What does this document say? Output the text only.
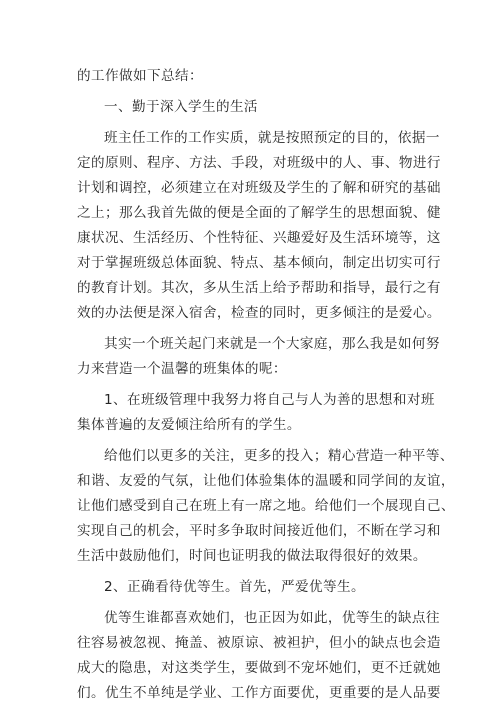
的工作做如下总结：
一、勤于深入学生的生活
班主任工作的工作实质，就是按照预定的目的，依据一
定的原则、程序、方法、手段，对班级中的人、事、物进行
计划和调控，必须建立在对班级及学生的了解和研究的基础
之上；那么我首先做的便是全面的了解学生的思想面貌、健
康状况、生活经历、个性特征、兴趣爱好及生活环境等，这
对于掌握班级总体面貌、特点、基本倾向，制定出切实可行
的教育计划。其次，多从生活上给予帮助和指导，最行之有
效的办法便是深入宿舍，检查的同时，更多倾注的是爱心。
其实一个班关起门来就是一个大家庭，那么我是如何努
力来营造一个温馨的班集体的呢：
1、在班级管理中我努力将自己与人为善的思想和对班
集体普遍的友爱倾注给所有的学生。
给他们以更多的关注，更多的投入；精心营造一种平等、
和谐、友爱的气氛，让他们体验集体的温暖和同学间的友谊，
让他们感受到自己在班上有一席之地。给他们一个展现自己、
实现自己的机会，平时多争取时间接近他们，不断在学习和
生活中鼓励他们，时间也证明我的做法取得很好的效果。
2、正确看待优等生。首先，严爱优等生。
优等生谁都喜欢她们，也正因为如此，优等生的缺点往
往容易被忽视、掩盖、被原谅、被袒护，但小的缺点也会造
成大的隐患，对这类学生，要做到不宠坏她们，更不迁就她
们。优生不单纯是学业、工作方面要优，更重要的是人品要
